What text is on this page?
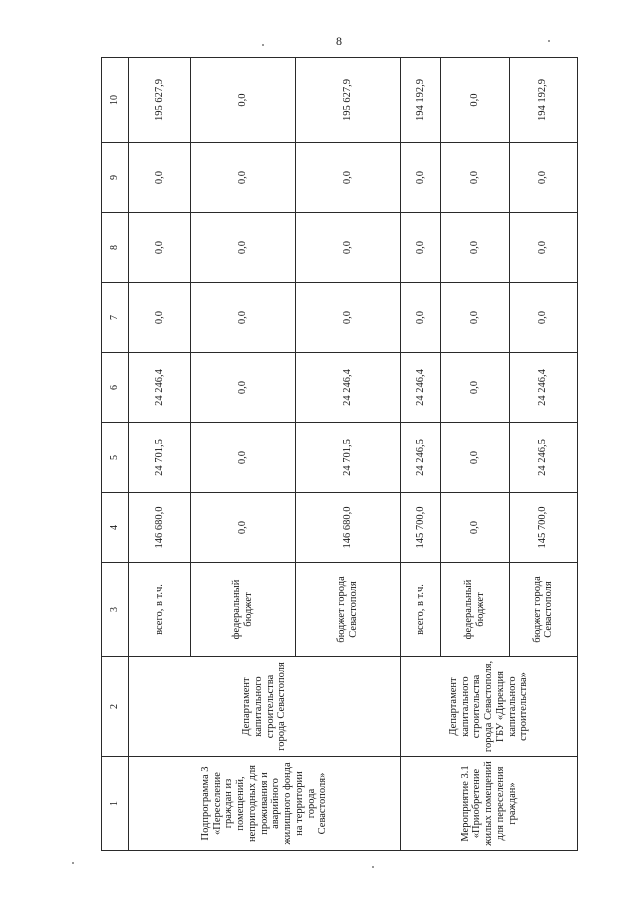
8
1	2	3	4	5	6	7	8	9	10
Подпрограмма 3 «Переселение граждан из помещений, непригодных для проживания и аварийного жилищного фонда на территории города Севастополя»	Департамент капитального строительства города Севастополя	всего, в т.ч.	146 680,0	24 701,5	24 246,4	0,0	0,0	0,0	195 627,9
		федеральный бюджет	0,0	0,0	0,0	0,0	0,0	0,0	0,0
		бюджет города Севастополя	146 680,0	24 701,5	24 246,4	0,0	0,0	0,0	195 627,9
Мероприятие 3.1 «Приобретение жилых помещений для переселения граждан»	Департамент капитального строительства города Севастополя, ГБУ «Дирекция капитального строительства»	всего, в т.ч.	145 700,0	24 246,5	24 246,4	0,0	0,0	0,0	194 192,9
		федеральный бюджет	0,0	0,0	0,0	0,0	0,0	0,0	0,0
		бюджет города Севастополя	145 700,0	24 246,5	24 246,4	0,0	0,0	0,0	194 192,9
